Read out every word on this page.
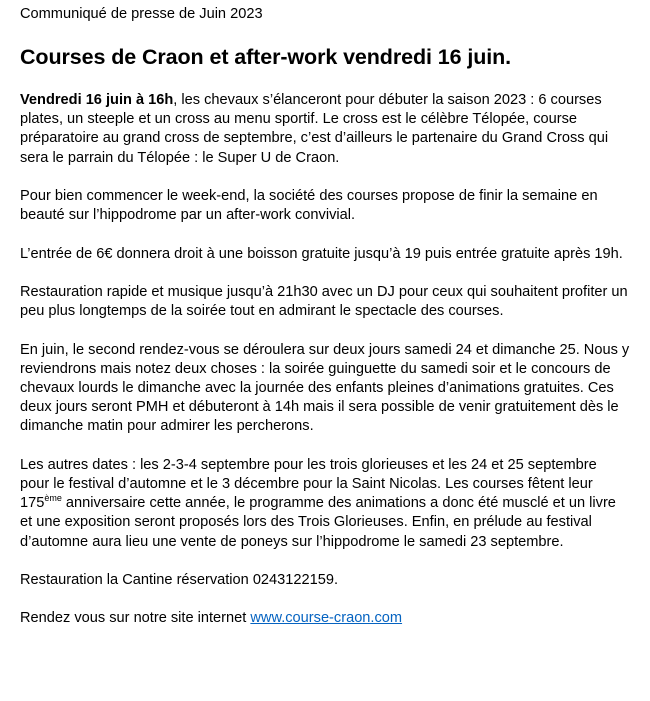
Communiqué de presse de Juin 2023
Courses de Craon et after-work vendredi 16 juin.

Vendredi 16 juin à 16h, les chevaux s’élanceront pour débuter la saison 2023 : 6 courses plates, un steeple et un cross au menu sportif. Le cross est le célèbre Télopée, course préparatoire au grand cross de septembre, c’est d’ailleurs le partenaire du Grand Cross qui sera le parrain du Télopée : le Super U de Craon.

Pour bien commencer le week-end, la société des courses propose de finir la semaine en beauté sur l’hippodrome par un after-work convivial.

L’entrée de 6€ donnera droit à une boisson gratuite jusqu’à 19 puis entrée gratuite après 19h.

Restauration rapide et musique jusqu’à 21h30 avec un DJ pour ceux qui souhaitent profiter un peu plus longtemps de la soirée tout en admirant le spectacle des courses.

En juin, le second rendez-vous se déroulera sur deux jours samedi 24 et dimanche 25. Nous y reviendrons mais notez deux choses : la soirée guinguette du samedi soir et le concours de chevaux lourds le dimanche avec la journée des enfants pleines d’animations gratuites. Ces deux jours seront PMH et débuteront à 14h mais il sera possible de venir gratuitement dès le dimanche matin pour admirer les percherons.

Les autres dates : les 2-3-4 septembre pour les trois glorieuses et les 24 et 25 septembre pour le festival d’automne et le 3 décembre pour la Saint Nicolas. Les courses fêtent leur 175ème anniversaire cette année, le programme des animations a donc été musclé et un livre et une exposition seront proposés lors des Trois Glorieuses. Enfin, en prélude au festival d’automne aura lieu une vente de poneys sur l’hippodrome le samedi 23 septembre.

Restauration la Cantine réservation 0243122159.

Rendez vous sur notre site internet www.course-craon.com
